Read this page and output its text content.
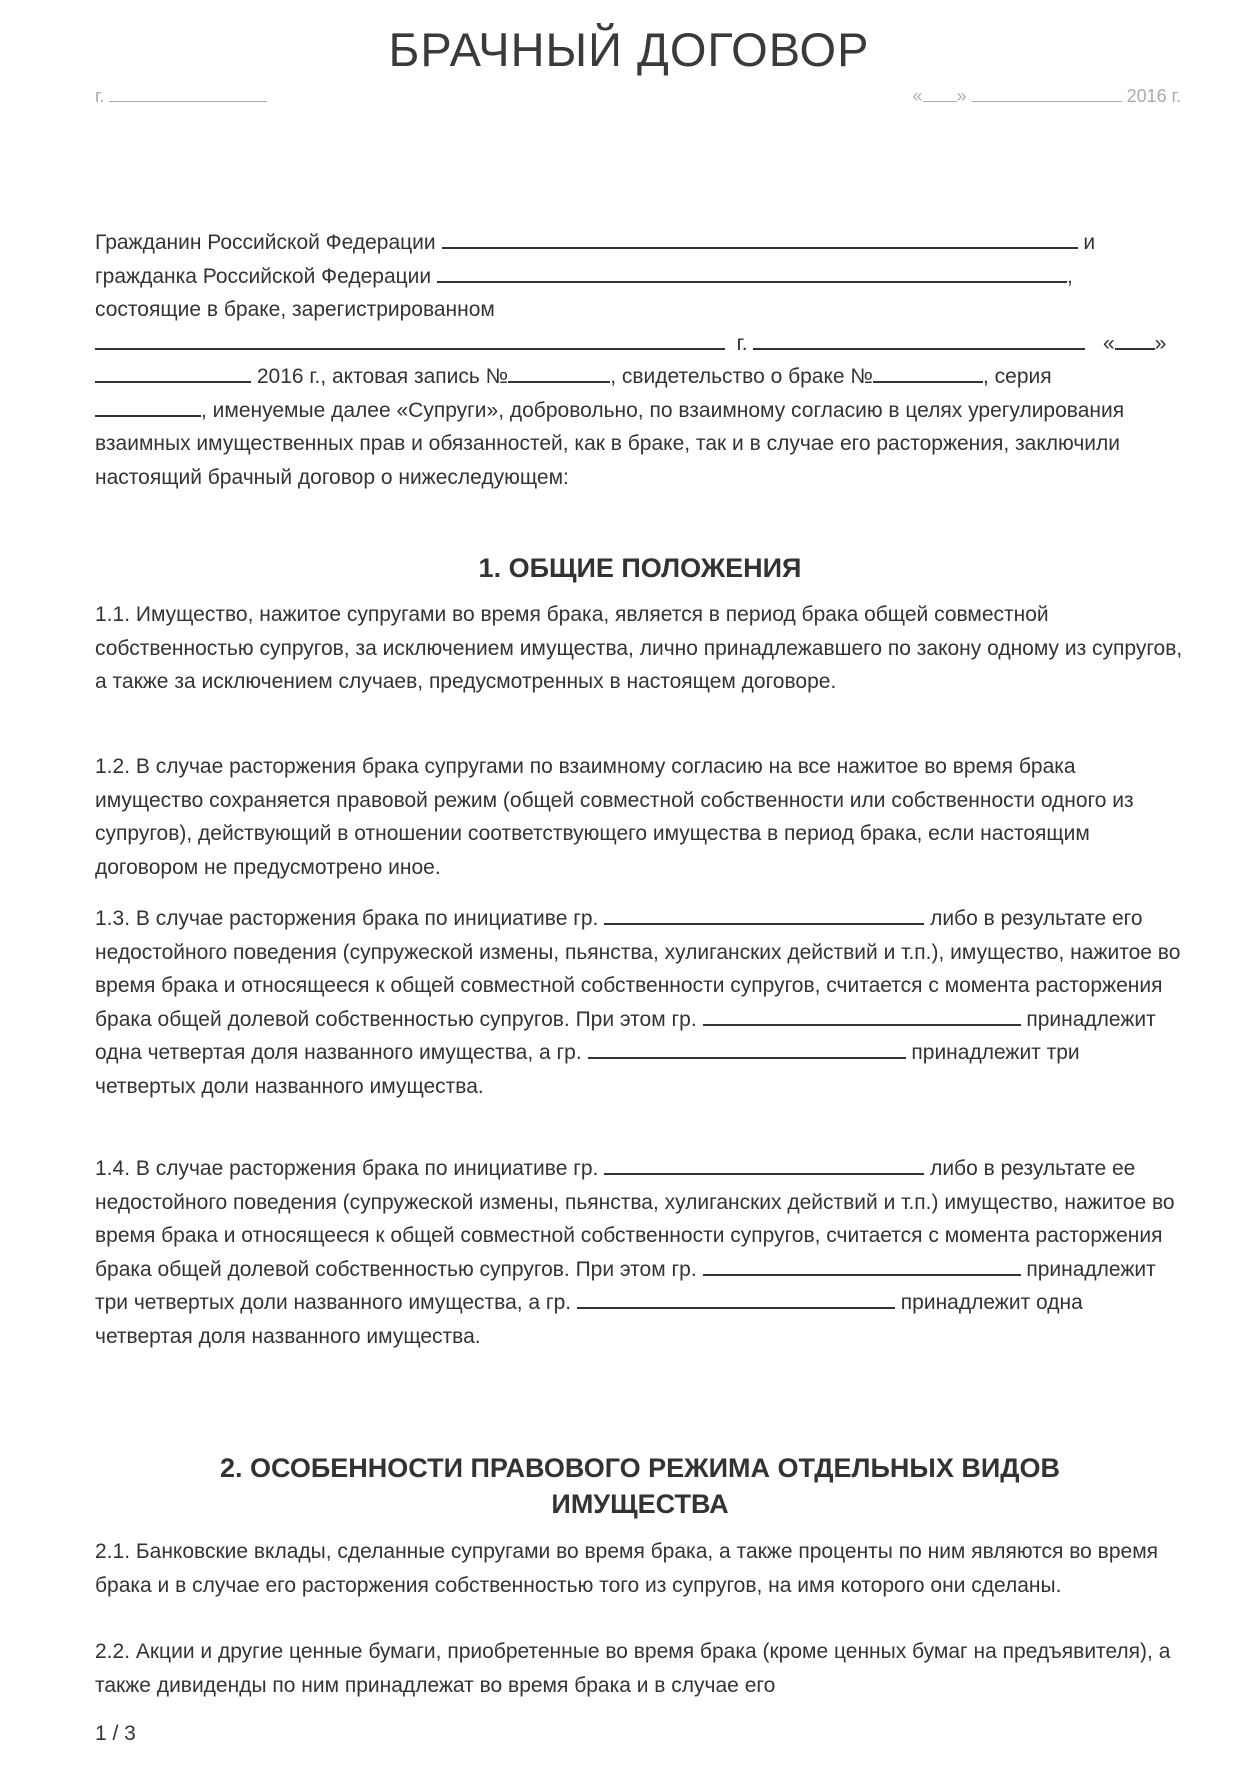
БРАЧНЫЙ ДОГОВОР
г.	« »	2016 г.

Гражданин Российской Федерации	и
гражданка Российской Федерации	,
состоящие в браке, зарегистрированном
г.	« »
2016 г., актовая запись №	, свидетельство о браке №	, серия
, именуемые далее «Супруги», добровольно, по взаимному согласию в целях урегулирования взаимных имущественных прав и обязанностей, как в браке, так и в случае его расторжения, заключили настоящий брачный договор о нижеследующем:

1. ОБЩИЕ ПОЛОЖЕНИЯ

1.1. Имущество, нажитое супругами во время брака, является в период брака общей совместной собственностью супругов, за исключением имущества, лично принадлежавшего по закону одному из супругов, а также за исключением случаев, предусмотренных в настоящем договоре.

1.2. В случае расторжения брака супругами по взаимному согласию на все нажитое во время брака имущество сохраняется правовой режим (общей совместной собственности или собственности одного из супругов), действующий в отношении соответствующего имущества в период брака, если настоящим договором не предусмотрено иное.

1.3. В случае расторжения брака по инициативе гр.	либо в результате его недостойного поведения (супружеской измены, пьянства, хулиганских действий и т.п.), имущество, нажитое во время брака и относящееся к общей совместной собственности супругов, считается с момента расторжения брака общей долевой собственностью супругов. При этом гр.	принадлежит одна четвертая доля названного имущества, а гр.	принадлежит три четвертых доли названного имущества.

1.4. В случае расторжения брака по инициативе гр.	либо в результате ее недостойного поведения (супружеской измены, пьянства, хулиганских действий и т.п.) имущество, нажитое во время брака и относящееся к общей совместной собственности супругов, считается с момента расторжения брака общей долевой собственностью супругов. При этом гр.	принадлежит три четвертых доли названного имущества, а гр.	принадлежит одна четвертая доля названного имущества.

2. ОСОБЕННОСТИ ПРАВОВОГО РЕЖИМА ОТДЕЛЬНЫХ ВИДОВ ИМУЩЕСТВА

2.1. Банковские вклады, сделанные супругами во время брака, а также проценты по ним являются во время брака и в случае его расторжения собственностью того из супругов, на имя которого они сделаны.

2.2. Акции и другие ценные бумаги, приобретенные во время брака (кроме ценных бумаг на предъявителя), а также дивиденды по ним принадлежат во время брака и в случае его

1 / 3
